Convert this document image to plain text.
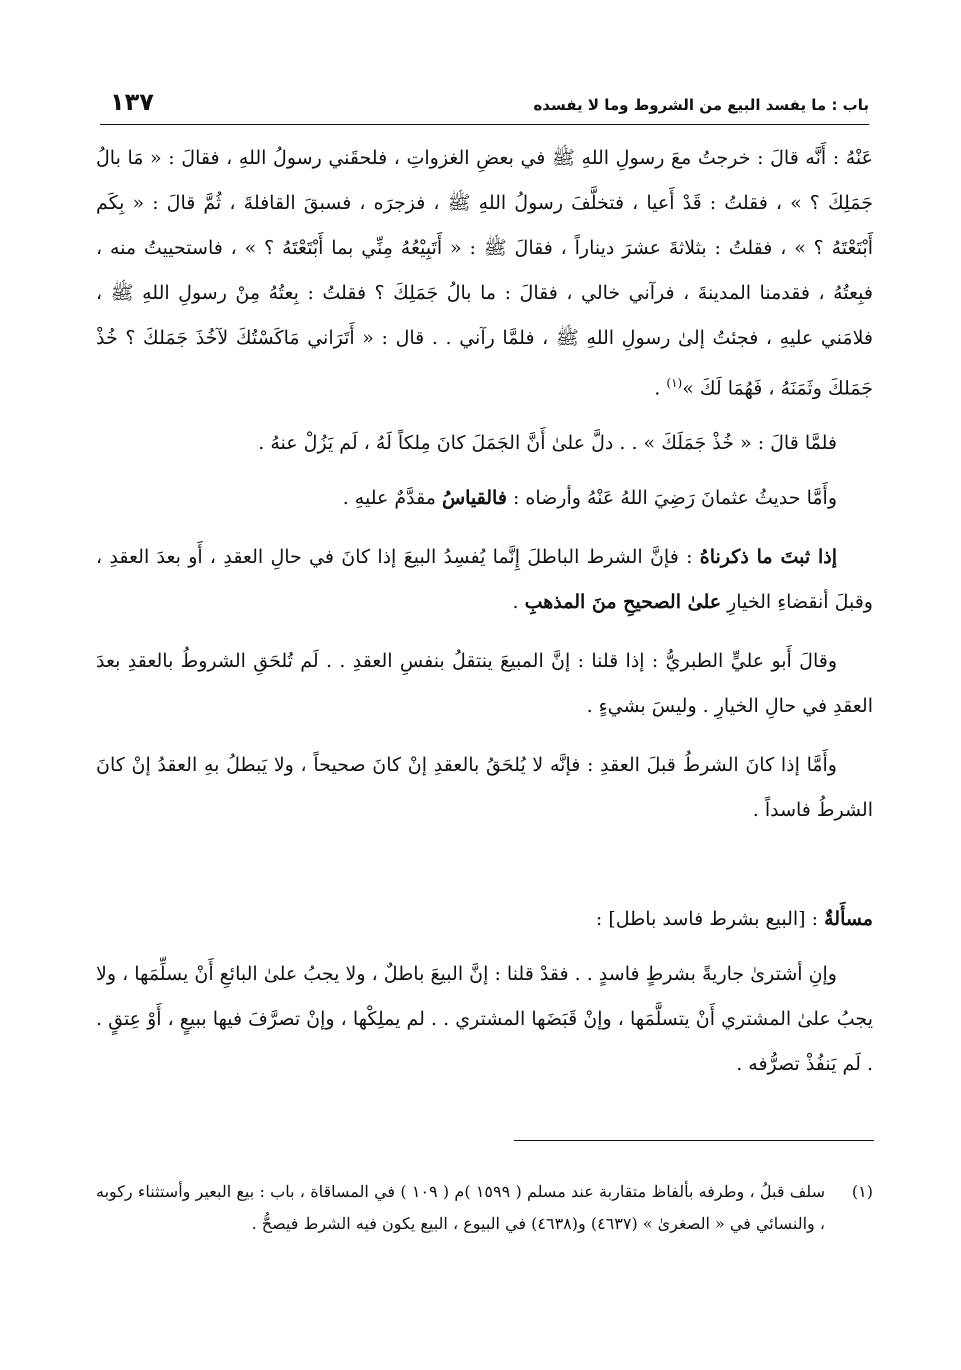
باب : ما يفسد البيع من الشروط وما لا يفسده
١٣٧

عَنْهُ : أَنَّه قالَ : خرجتُ معَ رسولِ اللهِ ﷺ في بعضِ الغزواتِ ، فلحقَني رسولُ اللهِ ، فقالَ : « مَا بالُ جَمَلِكَ ؟ » ، فقلتُ : قَدْ أَعيا ، فتخلَّفَ رسولُ اللهِ ﷺ ، فزجرَه ، فسبقَ القافلةَ ، ثُمَّ قالَ : « بِكَم أَبْتَعْتَهُ ؟ » ، فقلتُ : بثلاثةَ عشرَ ديناراً ، فقالَ ﷺ : « أَتَبِيْعُهُ مِنِّي بما أَبْتَعْتَهُ ؟ » ، فاستحييتُ منه ، فبِعتُهُ ، فقدمنا المدينةَ ، فرآني خالي ، فقالَ : ما بالُ جَمَلِكَ ؟ فقلتُ : بِعتُهُ مِنْ رسولِ اللهِ ﷺ ، فلامَني عليهِ ، فجئتُ إلىٰ رسولِ اللهِ ﷺ ، فلمَّا رآني . . قال : « أَتَرَاني مَاكَسْتُكَ لآخُذَ جَمَلكَ ؟ خُذْ جَمَلكَ وثَمَنَهُ ، فَهُمَا لَكَ »$^{(١)}$ .

فلمَّا قالَ : « خُذْ جَمَلَكَ » . . دلَّ علىٰ أَنَّ الجَمَلَ كانَ مِلكاً لَهُ ، لَم يَزُلْ عنهُ .

وأَمَّا حديثُ عثمانَ رَضِيَ اللهُ عَنْهُ وأرضاه : فالقياسُ مقدَّمٌ عليهِ .

إذا ثبتَ ما ذكرناهُ : فإنَّ الشرط الباطلَ إِنَّما يُفسِدُ البيعَ إذا كانَ في حالِ العقدِ ، أَو بعدَ العقدِ ، وقبلَ أنقضاءِ الخيارِ علىٰ الصحيحِ منَ المذهبِ .

وقالَ أَبو عليٍّ الطبريُّ : إذا قلنا : إنَّ المبيعَ ينتقلُ بنفسِ العقدِ . . لَم تُلحَقِ الشروطُ بالعقدِ بعدَ العقدِ في حالِ الخيارِ . وليسَ بشيءٍ .

وأَمَّا إذا كانَ الشرطُ قبلَ العقدِ : فإنَّه لا يُلحَقُ بالعقدِ إنْ كانَ صحيحاً ، ولا يَبطلُ بهِ العقدُ إنْ كانَ الشرطُ فاسداً .

مسأَلةٌ : [البيع بشرط فاسد باطل] :

وإنِ أشترىٰ جاريةً بشرطٍ فاسدٍ . . فقدْ قلنا : إنَّ البيعَ باطلٌ ، ولا يجبُ علىٰ البائعِ أَنْ يسلِّمَها ، ولا يجبُ علىٰ المشتري أَنْ يتسلَّمَها ، وإنْ قَبَضَها المشتري . . لم يملِكْها ، وإنْ تصرَّفَ فيها ببيعٍ ، أَوْ عِتقٍ . . لَم يَنفُذْ تصرُّفه .

(١)
سلف قبلُ ، وطرفه بألفاظ متقاربة عند مسلم ( ١٥٩٩ )م ( ١٠٩ ) في المساقاة ، باب : بيع البعير وأستثناء ركوبه ، والنسائي في « الصغرىٰ » (٤٦٣٧) و(٤٦٣٨) في البيوع ، البيع يكون فيه الشرط فيصحُّ .
